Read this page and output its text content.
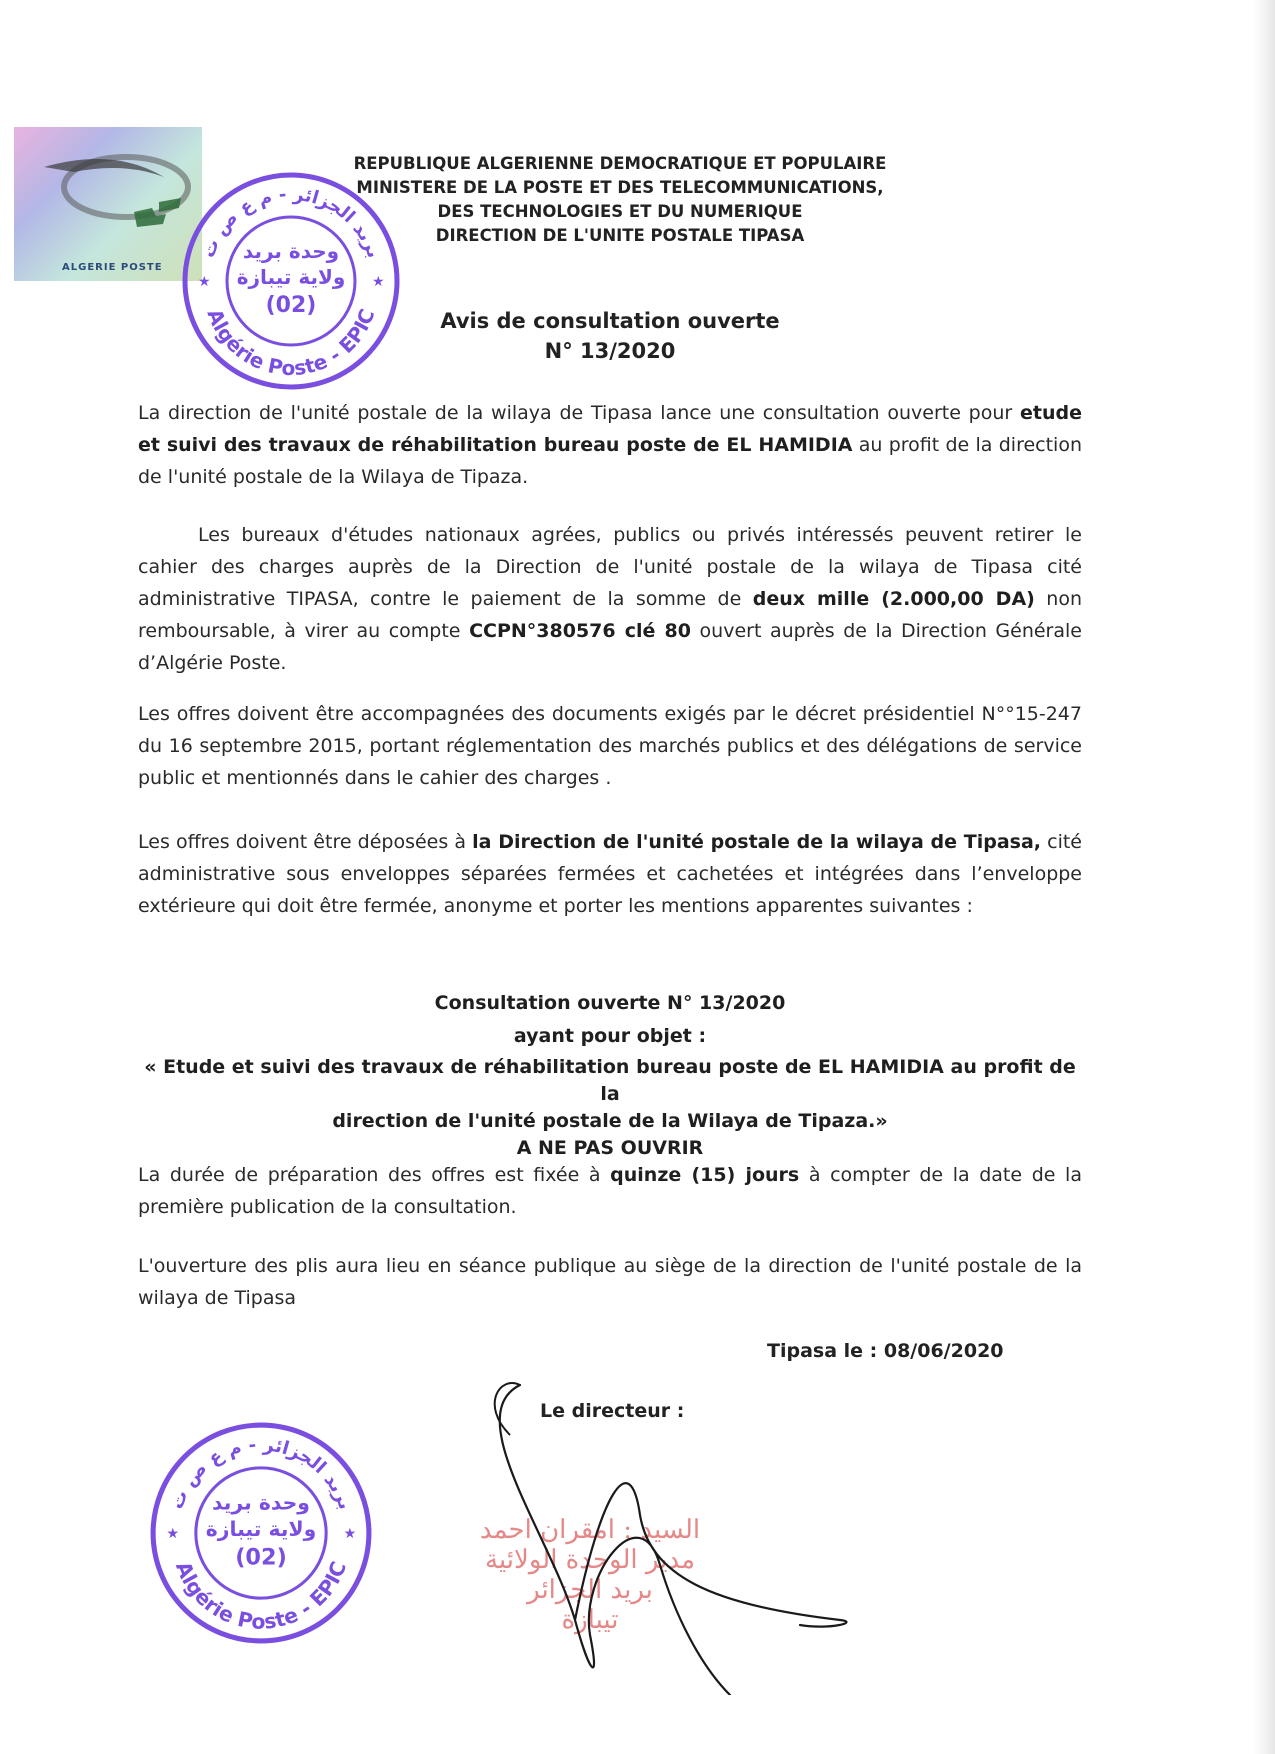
ALGERIE POSTE
REPUBLIQUE ALGERIENNE DEMOCRATIQUE ET POPULAIRE
MINISTERE DE LA POSTE ET DES TELECOMMUNICATIONS,
DES TECHNOLOGIES ET DU NUMERIQUE
DIRECTION DE L'UNITE POSTALE TIPASA
بريد الجزائر - م ع ص ت
Algérie Poste - EPIC
وحدة بريد
ولاية تيبازة
(02)
★	★
Avis de consultation ouverte
N° 13/2020
La direction de l'unité postale de la wilaya de Tipasa lance une consultation ouverte pour etude et suivi des travaux de réhabilitation bureau poste de EL HAMIDIA au profit de la direction de l'unité postale de la Wilaya de Tipaza.
Les bureaux d'études nationaux agrées, publics ou privés intéressés peuvent retirer le cahier des charges auprès de la Direction de l'unité postale de la wilaya de Tipasa cité administrative TIPASA, contre le paiement de la somme de deux mille (2.000,00 DA) non remboursable, à virer au compte CCPN°380576 clé 80 ouvert auprès de la Direction Générale d’Algérie Poste.
Les offres doivent être accompagnées des documents exigés par le décret présidentiel N°°15-247 du 16 septembre 2015, portant réglementation des marchés publics et des délégations de service public et mentionnés dans le cahier des charges .
Les offres doivent être déposées à la Direction de l'unité postale de la wilaya de Tipasa, cité administrative sous enveloppes séparées fermées et cachetées et intégrées dans l’enveloppe extérieure qui doit être fermée, anonyme et porter les mentions apparentes suivantes :
Consultation ouverte N° 13/2020
ayant pour objet :
« Etude et suivi des travaux de réhabilitation bureau poste de EL HAMIDIA au profit de la
direction de l'unité postale de la Wilaya de Tipaza.»
A NE PAS OUVRIR
La durée de préparation des offres est fixée à quinze (15) jours à compter de la date de la première publication de la consultation.
L'ouverture des plis aura lieu en séance publique au siège de la direction de l'unité postale de la wilaya de Tipasa
Tipasa le : 08/06/2020
Le directeur :
بريد الجزائر - م ع ص ت
Algérie Poste - EPIC
وحدة بريد
ولاية تيبازة
(02)
★	★	السيد : امقران احمد
مدير الوحدة الولائية
بريد الجزائر
تيبازة
